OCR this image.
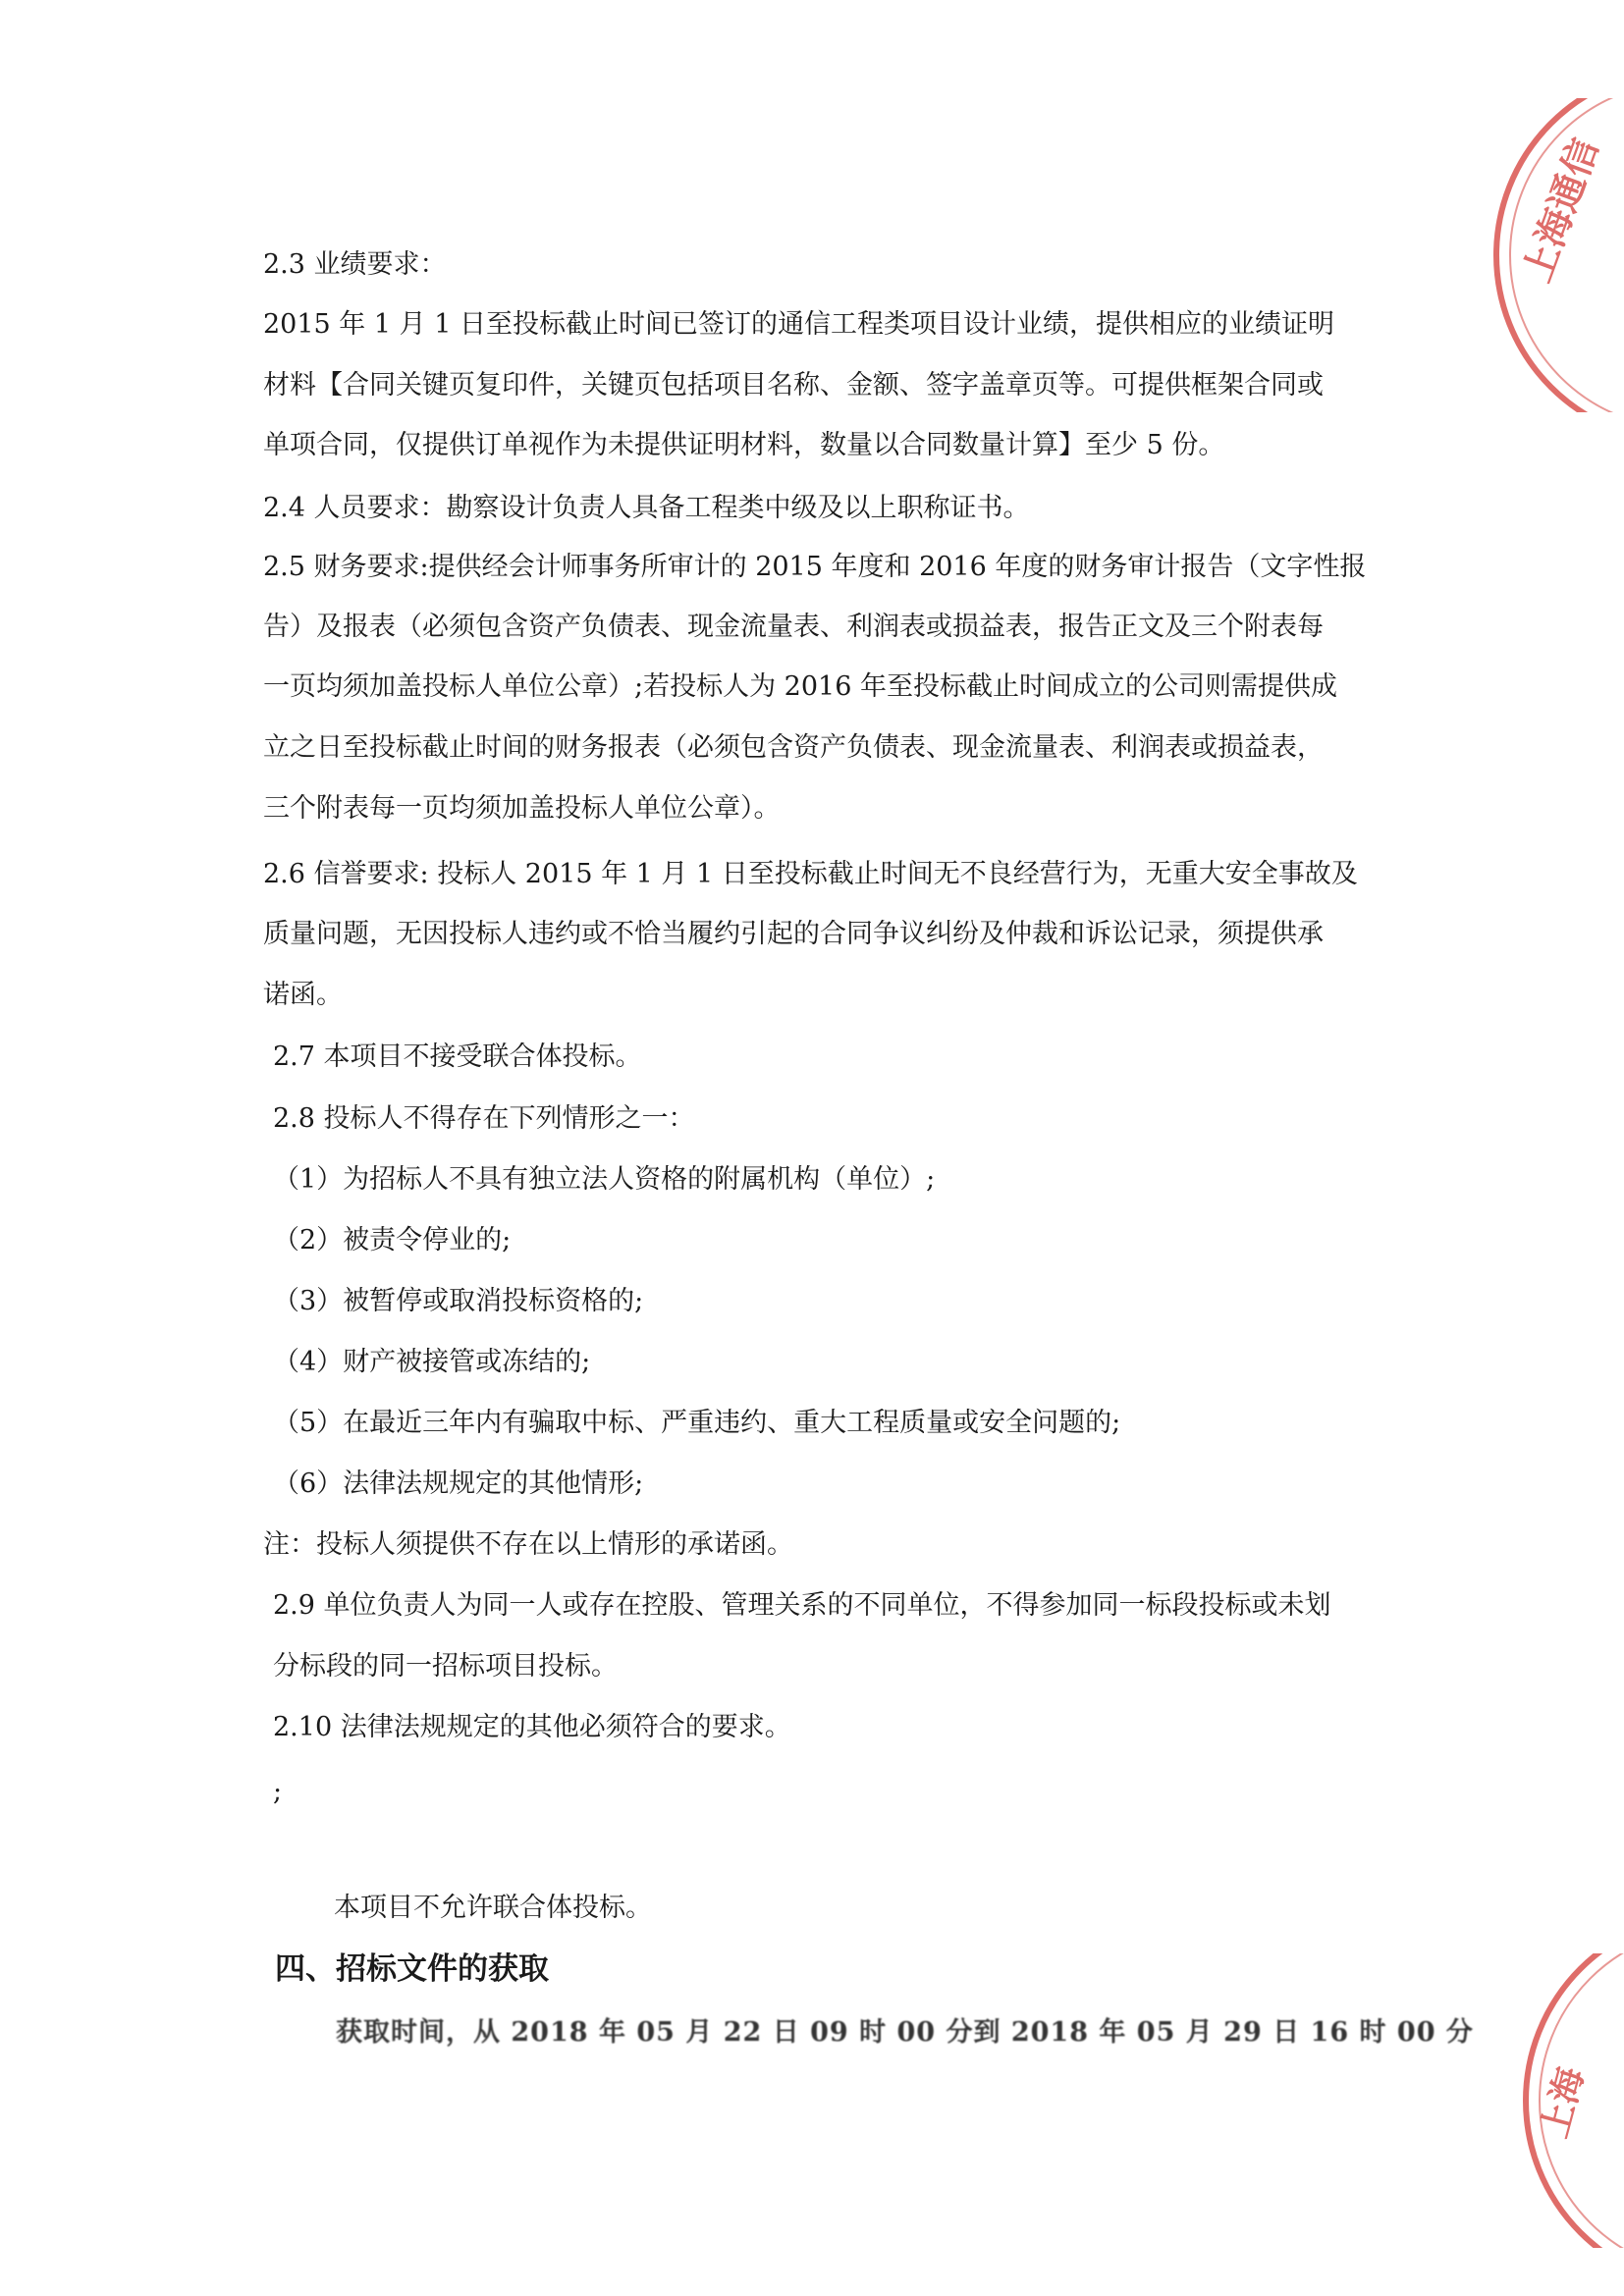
2.3 业绩要求：
2015 年 1 月 1 日至投标截止时间已签订的通信工程类项目设计业绩，提供相应的业绩证明
材料【合同关键页复印件，关键页包括项目名称、金额、签字盖章页等。可提供框架合同或
单项合同，仅提供订单视作为未提供证明材料，数量以合同数量计算】至少 5 份。
2.4 人员要求：勘察设计负责人具备工程类中级及以上职称证书。
2.5 财务要求:提供经会计师事务所审计的 2015 年度和 2016 年度的财务审计报告（文字性报
告）及报表（必须包含资产负债表、现金流量表、利润表或损益表，报告正文及三个附表每
一页均须加盖投标人单位公章）;若投标人为 2016 年至投标截止时间成立的公司则需提供成
立之日至投标截止时间的财务报表（必须包含资产负债表、现金流量表、利润表或损益表，
三个附表每一页均须加盖投标人单位公章）。
2.6 信誉要求: 投标人 2015 年 1 月 1 日至投标截止时间无不良经营行为，无重大安全事故及
质量问题，无因投标人违约或不恰当履约引起的合同争议纠纷及仲裁和诉讼记录，须提供承
诺函。
2.7 本项目不接受联合体投标。
2.8 投标人不得存在下列情形之一：
（1）为招标人不具有独立法人资格的附属机构（单位）;
（2）被责令停业的;
（3）被暂停或取消投标资格的;
（4）财产被接管或冻结的;
（5）在最近三年内有骗取中标、严重违约、重大工程质量或安全问题的;
（6）法律法规规定的其他情形;
注：投标人须提供不存在以上情形的承诺函。
2.9 单位负责人为同一人或存在控股、管理关系的不同单位，不得参加同一标段投标或未划
分标段的同一招标项目投标。
2.10 法律法规规定的其他必须符合的要求。
;
本项目不允许联合体投标。
四、招标文件的获取
获取时间，从 2018 年 05 月 22 日 09 时 00 分到 2018 年 05 月 29 日 16 时 00 分
上海通信
上海
